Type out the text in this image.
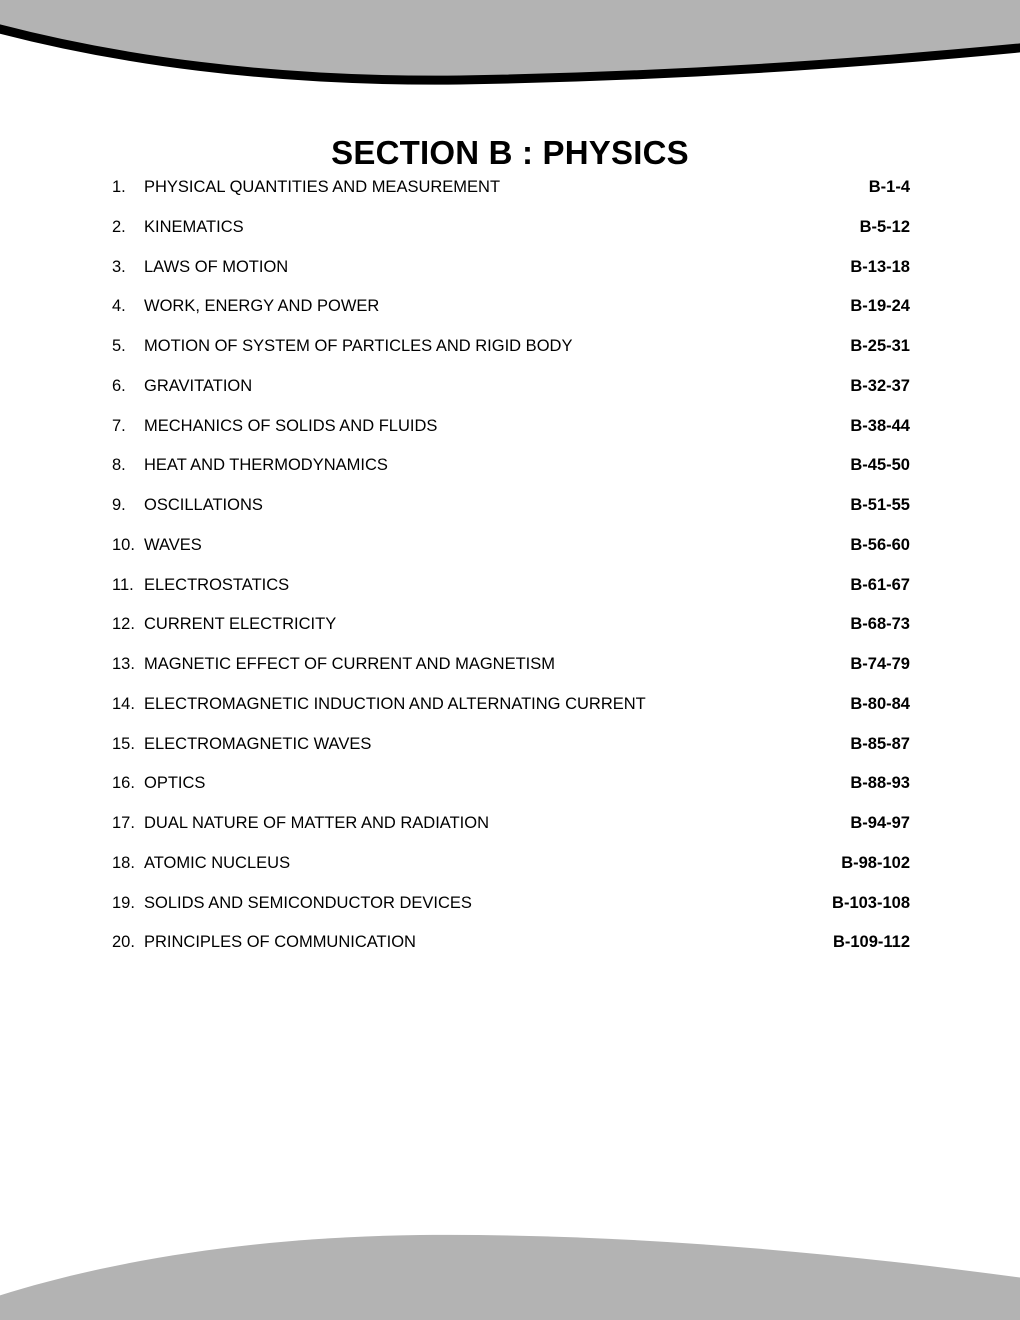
SECTION B : PHYSICS
1.	PHYSICAL QUANTITIES AND MEASUREMENT	B-1-4
2.	KINEMATICS	B-5-12
3.	LAWS OF MOTION	B-13-18
4.	WORK, ENERGY AND POWER	B-19-24
5.	MOTION OF SYSTEM OF PARTICLES AND RIGID BODY	B-25-31
6.	GRAVITATION	B-32-37
7.	MECHANICS OF SOLIDS AND FLUIDS	B-38-44
8.	HEAT AND THERMODYNAMICS	B-45-50
9.	OSCILLATIONS	B-51-55
10. WAVES	B-56-60
11. ELECTROSTATICS	B-61-67
12. CURRENT ELECTRICITY	B-68-73
13. MAGNETIC EFFECT OF CURRENT AND MAGNETISM	B-74-79
14. ELECTROMAGNETIC INDUCTION AND ALTERNATING CURRENT	B-80-84
15. ELECTROMAGNETIC WAVES	B-85-87
16. OPTICS	B-88-93
17. DUAL NATURE OF MATTER AND RADIATION	B-94-97
18. ATOMIC NUCLEUS	B-98-102
19. SOLIDS AND SEMICONDUCTOR DEVICES	B-103-108
20. PRINCIPLES OF COMMUNICATION	B-109-112
